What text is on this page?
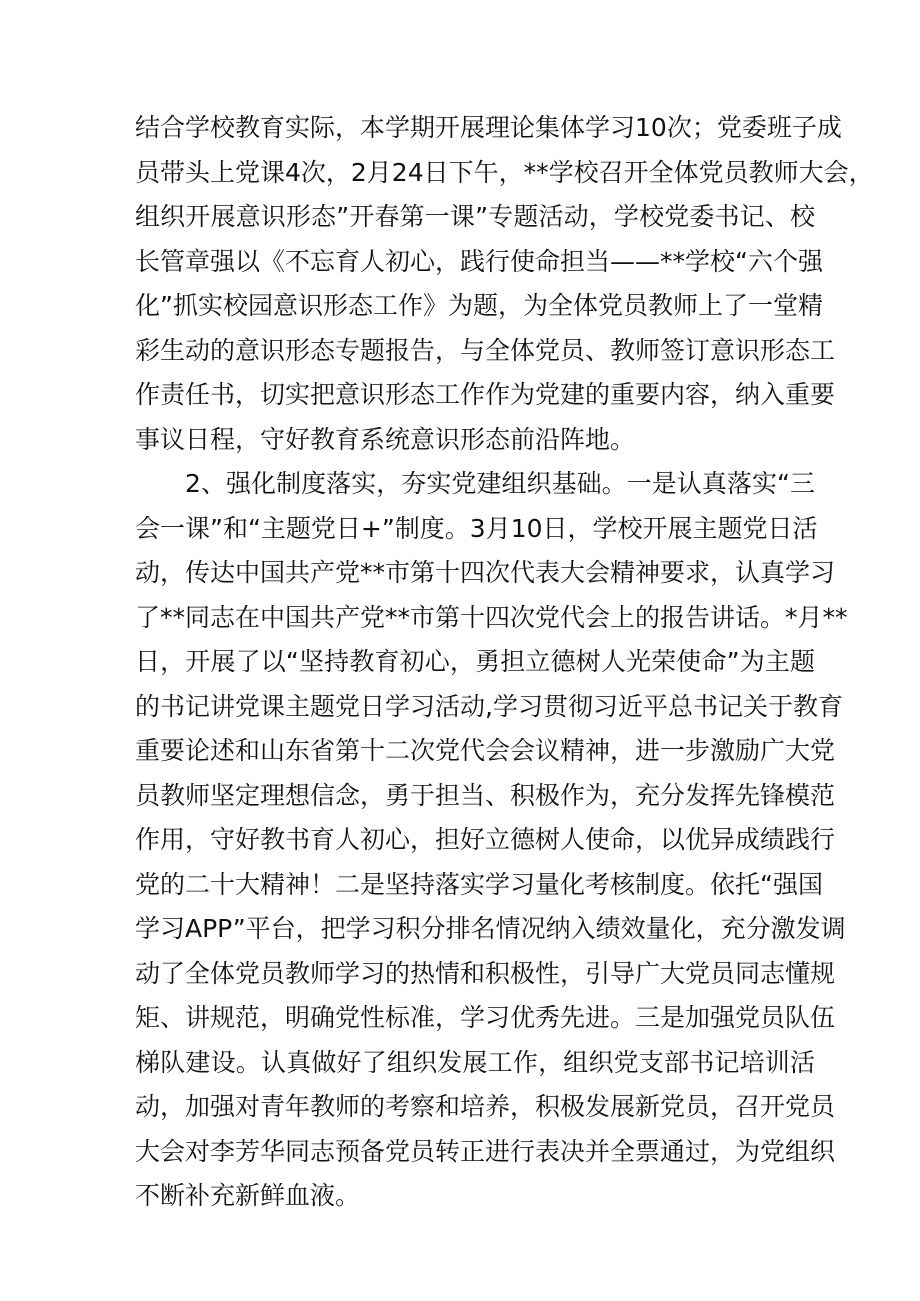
结合学校教育实际，本学期开展理论集体学习10次；党委班子成
员带头上党课4次，2月24日下午，**学校召开全体党员教师大会，
组织开展意识形态”开春第一课”专题活动，学校党委书记、校
长管章强以《不忘育人初心，践行使命担当——**学校“六个强
化”抓实校园意识形态工作》为题，为全体党员教师上了一堂精
彩生动的意识形态专题报告，与全体党员、教师签订意识形态工
作责任书，切实把意识形态工作作为党建的重要内容，纳入重要
事议日程，守好教育系统意识形态前沿阵地。
2、强化制度落实，夯实党建组织基础。一是认真落实“三
会一课”和“主题党日+”制度。3月10日，学校开展主题党日活
动，传达中国共产党**市第十四次代表大会精神要求，认真学习
了**同志在中国共产党**市第十四次党代会上的报告讲话。*月**
日，开展了以“坚持教育初心，勇担立德树人光荣使命”为主题
的书记讲党课主题党日学习活动,学习贯彻习近平总书记关于教育
重要论述和山东省第十二次党代会会议精神，进一步激励广大党
员教师坚定理想信念，勇于担当、积极作为，充分发挥先锋模范
作用，守好教书育人初心，担好立德树人使命，以优异成绩践行
党的二十大精神！二是坚持落实学习量化考核制度。依托“强国
学习APP”平台，把学习积分排名情况纳入绩效量化，充分激发调
动了全体党员教师学习的热情和积极性，引导广大党员同志懂规
矩、讲规范，明确党性标准，学习优秀先进。三是加强党员队伍
梯队建设。认真做好了组织发展工作，组织党支部书记培训活
动，加强对青年教师的考察和培养，积极发展新党员，召开党员
大会对李芳华同志预备党员转正进行表决并全票通过，为党组织
不断补充新鲜血液。
